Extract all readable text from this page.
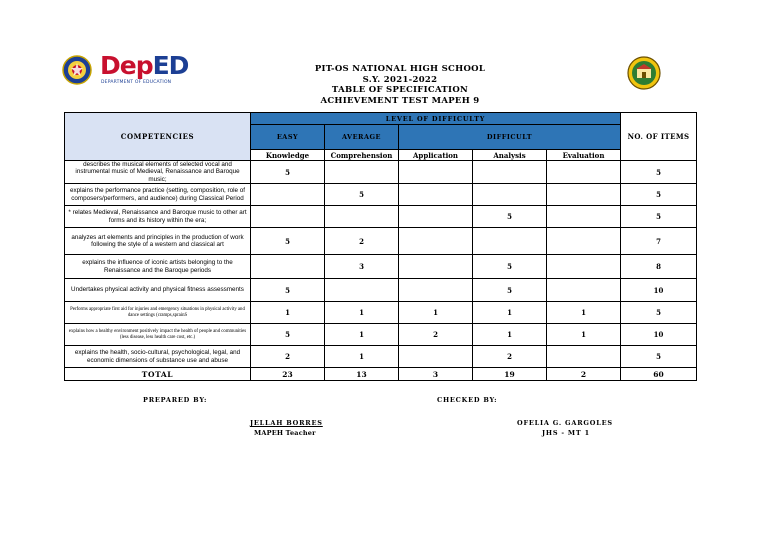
DepED
DEPARTMENT OF EDUCATION
PIT-OS NATIONAL HIGH SCHOOL
S.Y. 2021-2022
TABLE OF SPECIFICATION
ACHIEVEMENT TEST MAPEH 9
COMPETENCIES	LEVEL OF DIFFICULTY					NO. OF ITEMS
	EASY	AVERAGE	DIFFICULT			
	Knowledge	Comprehension	Application	Analysis	Evaluation	
describes the musical elements of selected vocal and instrumental music of Medieval, Renaissance and Baroque music;	5					5
explains the performance practice (setting, composition, role of composers/performers, and audience) during Classical Period		5				5
* relates Medieval, Renaissance and Baroque music to other art forms and its history within the era;				5		5
analyzes art elements and principles in the production of work following the style of a western and classical art	5	2				7
explains the influence of iconic artists belonging to the Renaissance and the Baroque periods		3		5		8
Undertakes physical activity and physical fitness assessments	5			5		10
Performs appropriate first aid for injuries and emergency situations in physical activity and dance settings (cramps,sprainS	1	1	1	1	1	5
explains how a healthy environment positively impact the health of people and communities (less disease, less health care cost, etc.)	5	1	2	1	1	10
explains the health, socio-cultural, psychological, legal, and economic dimensions of substance use and abuse	2	1		2		5
TOTAL	23	13	3	19	2	60
PREPARED BY:
JELLAH BORRES
MAPEH Teacher
CHECKED BY:
OFELIA G. GARGOLES
JHS - MT 1
